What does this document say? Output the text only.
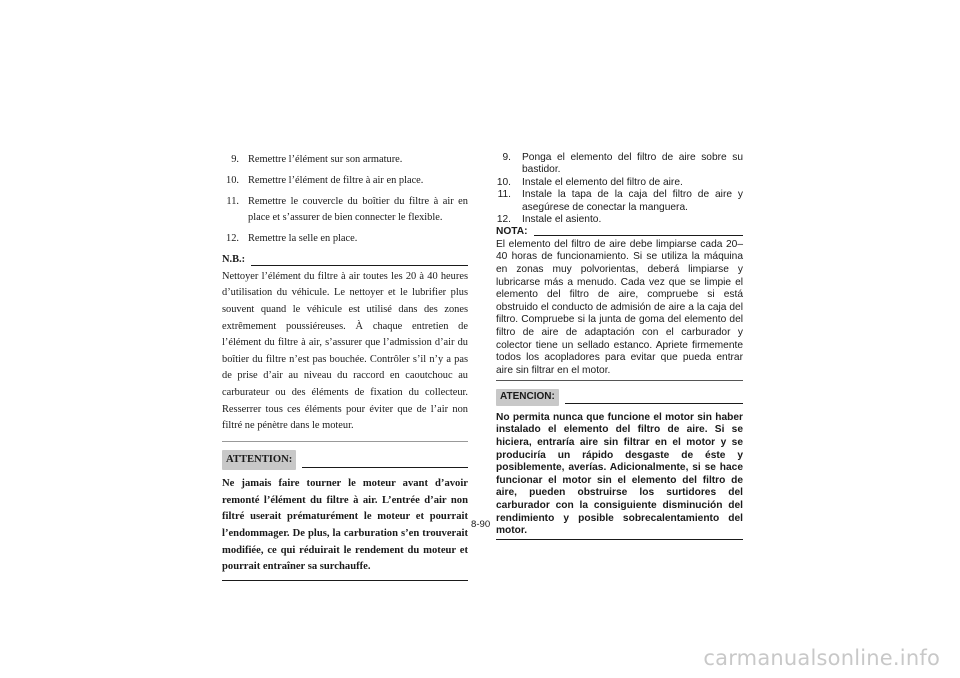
9. Remettre l’élément sur son armature.
10. Remettre l’élément de filtre à air en place.
11. Remettre le couvercle du boîtier du filtre à air en place et s’assurer de bien connecter le flexible.
12. Remettre la selle en place.
N.B.:

Nettoyer l’élément du filtre à air toutes les 20 à 40 heures d’utilisation du véhicule. Le nettoyer et le lubrifier plus souvent quand le véhicule est utilisé dans des zones extrêmement poussiéreuses. À chaque entretien de l’élément du filtre à air, s’assurer que l’admission d’air du boîtier du filtre n’est pas bouchée. Contrôler s’il n’y a pas de prise d’air au niveau du raccord en caoutchouc au carburateur ou des éléments de fixation du collecteur. Resserrer tous ces éléments pour éviter que de l’air non filtré ne pénètre dans le moteur.

ATTENTION:

Ne jamais faire tourner le moteur avant d’avoir remonté l’élément du filtre à air. L’entrée d’air non filtré userait prématurément le moteur et pourrait l’endommager. De plus, la carburation s’en trouverait modifiée, ce qui réduirait le rendement du moteur et pourrait entraîner sa surchauffe.

9. Ponga el elemento del filtro de aire sobre su bastidor.
10. Instale el elemento del filtro de aire.
11. Instale la tapa de la caja del filtro de aire y asegúrese de conectar la manguera.
12. Instale el asiento.
NOTA:

El elemento del filtro de aire debe limpiarse cada 20–40 horas de funcionamiento. Si se utiliza la máquina en zonas muy polvorientas, deberá limpiarse y lubricarse más a menudo. Cada vez que se limpie el elemento del filtro de aire, compruebe si está obstruido el conducto de admisión de aire a la caja del filtro. Compruebe si la junta de goma del elemento del filtro de aire de adaptación con el carburador y colector tiene un sellado estanco. Apriete firmemente todos los acopladores para evitar que pueda entrar aire sin filtrar en el motor.

ATENCION:

No permita nunca que funcione el motor sin haber instalado el elemento del filtro de aire. Si se hiciera, entraría aire sin filtrar en el motor y se produciría un rápido desgaste de éste y posiblemente, averías. Adicionalmente, si se hace funcionar el motor sin el elemento del filtro de aire, pueden obstruirse los surtidores del carburador con la consiguiente disminución del rendimiento y posible sobrecalentamiento del motor.

8-90
carmanualsonline.info
